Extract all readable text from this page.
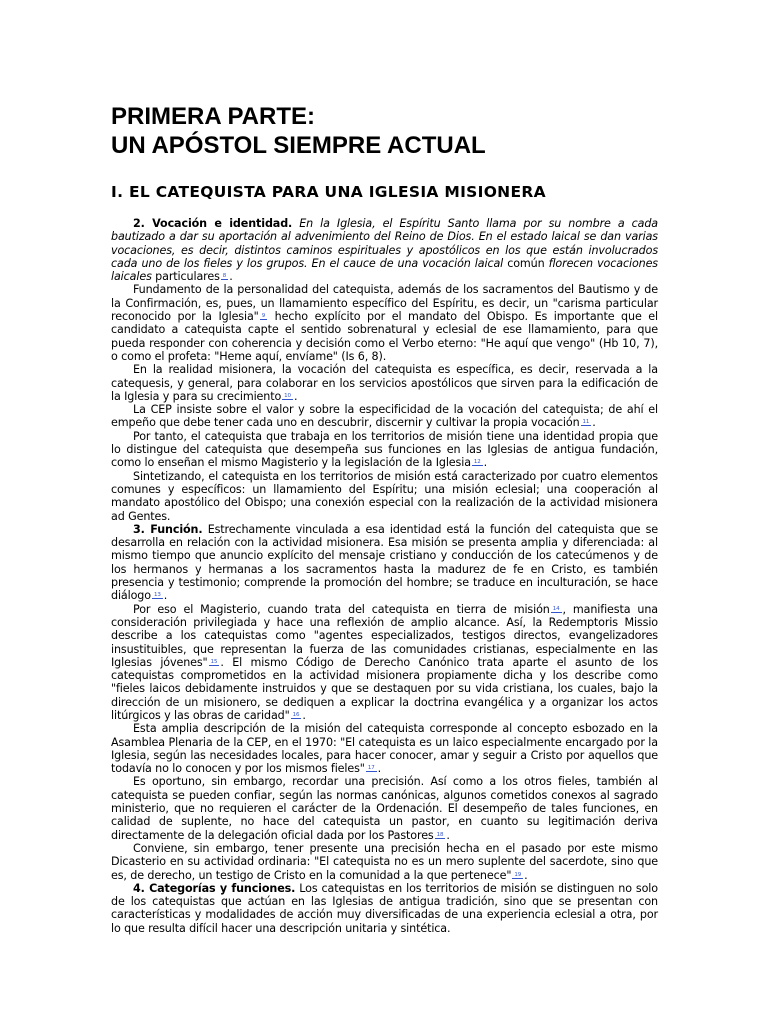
PRIMERA PARTE:
UN APÓSTOL SIEMPRE ACTUAL
I. EL CATEQUISTA PARA UNA IGLESIA MISIONERA

2. Vocación e identidad. En la Iglesia, el Espíritu Santo llama por su nombre a cada bautizado a dar su aportación al advenimiento del Reino de Dios. En el estado laical se dan varias vocaciones, es decir, distintos caminos espirituales y apostólicos en los que están involucrados cada uno de los fieles y los grupos. En el cauce de una vocación laical común florecen vocaciones laicales particulares 8 .

Fundamento de la personalidad del catequista, además de los sacramentos del Bautismo y de la Confirmación, es, pues, un llamamiento específico del Espíritu, es decir, un "carisma particular reconocido por la Iglesia" 9 hecho explícito por el mandato del Obispo. Es importante que el candidato a catequista capte el sentido sobrenatural y eclesial de ese llamamiento, para que pueda responder con coherencia y decisión como el Verbo eterno: "He aquí que vengo" (Hb 10, 7), o como el profeta: "Heme aquí, envíame" (Is 6, 8).

En la realidad misionera, la vocación del catequista es específica, es decir, reservada a la catequesis, y general, para colaborar en los servicios apostólicos que sirven para la edificación de la Iglesia y para su crecimiento 10 .

La CEP insiste sobre el valor y sobre la especificidad de la vocación del catequista; de ahí el empeño que debe tener cada uno en descubrir, discernir y cultivar la propia vocación 11 .

Por tanto, el catequista que trabaja en los territorios de misión tiene una identidad propia que lo distingue del catequista que desempeña sus funciones en las Iglesias de antigua fundación, como lo enseñan el mismo Magisterio y la legislación de la Iglesia 12 .

Sintetizando, el catequista en los territorios de misión está caracterizado por cuatro elementos comunes y específicos: un llamamiento del Espíritu; una misión eclesial; una cooperación al mandato apostólico del Obispo; una conexión especial con la realización de la actividad misionera ad Gentes.

3. Función. Estrechamente vinculada a esa identidad está la función del catequista que se desarrolla en relación con la actividad misionera. Esa misión se presenta amplia y diferenciada: al mismo tiempo que anuncio explícito del mensaje cristiano y conducción de los catecúmenos y de los hermanos y hermanas a los sacramentos hasta la madurez de fe en Cristo, es también presencia y testimonio; comprende la promoción del hombre; se traduce en inculturación, se hace diálogo 13 .

Por eso el Magisterio, cuando trata del catequista en tierra de misión 14 , manifiesta una consideración privilegiada y hace una reflexión de amplio alcance. Así, la Redemptoris Missio describe a los catequistas como "agentes especializados, testigos directos, evangelizadores insustituibles, que representan la fuerza de las comunidades cristianas, especialmente en las Iglesias jóvenes" 15 . El mismo Código de Derecho Canónico trata aparte el asunto de los catequistas comprometidos en la actividad misionera propiamente dicha y los describe como "fieles laicos debidamente instruidos y que se destaquen por su vida cristiana, los cuales, bajo la dirección de un misionero, se dediquen a explicar la doctrina evangélica y a organizar los actos litúrgicos y las obras de caridad" 16 .

Esta amplia descripción de la misión del catequista corresponde al concepto esbozado en la Asamblea Plenaria de la CEP, en el 1970: "El catequista es un laico especialmente encargado por la Iglesia, según las necesidades locales, para hacer conocer, amar y seguir a Cristo por aquellos que todavía no lo conocen y por los mismos fieles" 17 .

Es oportuno, sin embargo, recordar una precisión. Así como a los otros fieles, también al catequista se pueden confiar, según las normas canónicas, algunos cometidos conexos al sagrado ministerio, que no requieren el carácter de la Ordenación. El desempeño de tales funciones, en calidad de suplente, no hace del catequista un pastor, en cuanto su legitimación deriva directamente de la delegación oficial dada por los Pastores 18 .

Conviene, sin embargo, tener presente una precisión hecha en el pasado por este mismo Dicasterio en su actividad ordinaria: "El catequista no es un mero suplente del sacerdote, sino que es, de derecho, un testigo de Cristo en la comunidad a la que pertenece" 19 .

4. Categorías y funciones. Los catequistas en los territorios de misión se distinguen no solo de los catequistas que actúan en las Iglesias de antigua tradición, sino que se presentan con características y modalidades de acción muy diversificadas de una experiencia eclesial a otra, por lo que resulta difícil hacer una descripción unitaria y sintética.
